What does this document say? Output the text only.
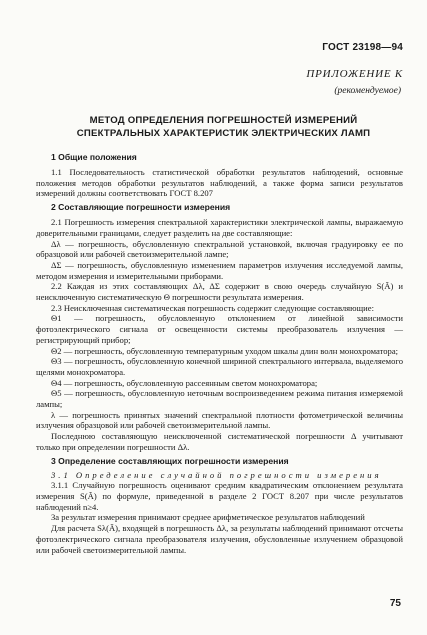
ГОСТ 23198—94
ПРИЛОЖЕНИЕ К
(рекомендуемое)
МЕТОД ОПРЕДЕЛЕНИЯ ПОГРЕШНОСТЕЙ ИЗМЕРЕНИЙ
СПЕКТРАЛЬНЫХ ХАРАКТЕРИСТИК ЭЛЕКТРИЧЕСКИХ ЛАМП
1 Общие положения

1.1 Последовательность статистической обработки результатов наблюдений, основные положения методов обработки результатов наблюдений, а также форма записи результатов измерений должны соответствовать ГОСТ 8.207

2 Составляющие погрешности измерения

2.1 Погрешность измерения спектральной характеристики электрической лампы, выражаемую доверительными границами, следует разделить на две составляющие:

Δλ — погрешность, обусловленную спектральной установкой, включая градуировку ее по образцовой или рабочей светоизмерительной лампе;

ΔΣ — погрешность, обусловленную изменением параметров излучения исследуемой лампы, методом измерения и измерительными приборами.

2.2 Каждая из этих составляющих Δλ, ΔΣ содержит в свою очередь случайную S(Ã) и неисключенную систематическую Θ погрешности результата измерения.

2.3 Неисключенная систематическая погрешность содержит следующие составляющие:

Θ1 — погрешность, обусловленную отклонением от линейной зависимости фотоэлектрического сигнала от освещенности системы преобразователь излучения — регистрирующий прибор;

Θ2 — погрешность, обусловленную температурным уходом шкалы длин волн монохроматора;

Θ3 — погрешность, обусловленную конечной шириной спектрального интервала, выделяемого щелями монохроматора.

Θ4 — погрешность, обусловленную рассеянным светом монохроматора;

Θ5 — погрешность, обусловленную неточным воспроизведением режима питания измеряемой лампы;

λ — погрешность принятых значений спектральной плотности фотометрической величины излучения образцовой или рабочей светоизмерительной лампы.

Последнюю составляющую неисключенной систематической погрешности Δ учитывают только при определении погрешности Δλ.

3 Определение составляющих погрешности измерения

3.1 Определение случайной погрешности измерения

3.1.1 Случайную погрешность оценивают средним квадратическим отклонением результата измерения S(Ã) по формуле, приведенной в разделе 2 ГОСТ 8.207 при числе результатов наблюдений n≥4.

За результат измерения принимают среднее арифметическое результатов наблюдений

Для расчета Sλ(Ã), входящей в погрешность Δλ, за результаты наблюдений принимают отсчеты фотоэлектрического сигнала преобразователя излучения, обусловленные излучением образцовой или рабочей светоизмерительной лампы.

75
